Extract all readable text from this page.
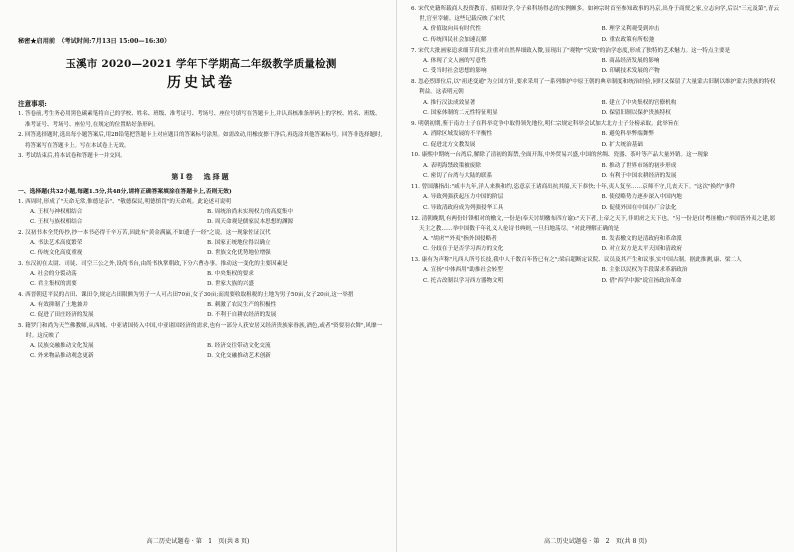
秘密★启用前　（考试时间:7月13日 15:00—16:30）
玉溪市 2020—2021 学年下学期高二年级教学质量检测
历史试卷
注意事项:
1. 答卷前,考生务必用黑色碳素笔将自己的学校、姓名、班级、准考证号、考场号、座位号填写在答题卡上,并认真核准条形码上的学校、姓名、班级、准考证号、考场号、座位号,在规定的位置贴好条形码。
2. 回答选择题时,选出每小题答案后,用2B铅笔把答题卡上对应题目的答案标号涂黑。如需改动,用橡皮擦干净后,再选涂其他答案标号。回答非选择题时,将答案写在答题卡上。写在本试卷上无效。
3. 考试结束后,将本试卷和答题卡一并交回。
第Ⅰ卷　选择题
一、选择题(共32小题,每题1.5分,共48分,请将正确答案填涂在答题卡上,否则无效)
1. 西周时,形成了"天命无常,惟德是亲"、"敬德保民,明德慎罚"的天命观。此论述可说明
A. 王权与神权相结合	B. 周统治尚未实现权力的高度集中
C. 王权与族权相结合	D. 周天命观是儒家民本思想的渊源
2. 汉初书本全凭传抄,抄一本书必得千辛万苦,因此有"黄金满赢,不如遗子一经"之说。这一现象佐证汉代
A. 书法艺术高度繁荣	B. 国家正统地位得以确立
C. 传统文化高度重视	D. 世族文化优势地位增强
3. 东汉初在太尉、司徒、司空三公之外,设尚书台,由尚书执掌朝政,下分六曹办事。推动这一变化的主要因素是
A. 社会的分裂动荡	B. 中央集权的要求
C. 君主集权的需要	D. 世家大族的兴盛
4. 西晋朝廷平民的占田、课田令,规定占田限额为男子一人可占田70亩,女子30亩;而需要收取租税的土地为男子50亩,女子20亩,这一举措
A. 有效抑制了土地兼并	B. 刺激了农民生产的积极性
C. 促进了田庄经济的发展	D. 不利于自耕农经济的发展
5. 籍罗门和尚为天竺佛教师,从西域、中亚诸国传入中国,中亚诸国经济的需求,也有一部分人获安居又经济贵族家眷族,酒色,或者"资要羽衣舞",风靡一时。这反映了
A. 民族交融推动文化发展	B. 经济交往带动文化交流
C. 外来物品推动观念更新	D. 文化交融推动艺术创新
高二历史试题卷 · 第　1　页(共 8 页)
6. 宋代史籍所载商人投资教育、招师设学,令子弟科场得志的实例颇多。如神宗时首至参知政事的冯京,出身于商贾之家,立志向学,后以"三元及第",青云世,官至宰辅。这些记载反映了宋代
A. 价值取向具有时代性	B. 理学义利观受到冲击
C. 传统四民社会加速瓦解	D. 重农政策有所松弛
7. 宋代大批画家追求细节真实,注重对自然界细致入微,显现出了"观物""究致"的治学态度,形成了独特的艺术魅力。这一特点主要是
A. 体现了文人画的写意性	B. 商品经济发展的影响
C. 受当时社会思想的影响	D. 印刷技术发展的产物
8. 忽必烈即位后,以"祖述变通"为立国方针,要求采用了一系列维护中原王朝的典章制度和统治经验,同时又保留了大量蒙古旧制以维护蒙古贵族的特权利益。这表明元朝
A. 推行汉法成效显著	B. 建立了中央集权的官僚机构
C. 国家体制的二元性特征明显	D. 保留旧制以保护贵族特权
9. 明朝初期,鉴于南方士子在科举竞争中取得领先地位,明仁宗规定科举会试加大北方士子分榜录取。此举旨在
A. 消除区域发展的不平衡性	B. 避免科举弊端舞弊
C. 促进北方文教发展	D. 扩大统治基础
10. 康熙中期统一台湾后,解除了清初的海禁,全面开海,中外贸易兴盛,中国的丝绸、瓷器、茶叶等产品大量外销。这一现象
A. 表明海禁政策被废除	B. 推动了世界市场的初步形成
C. 密切了台湾与大陆的联系	D. 有利于中国农耕经济的发展
11. 曾国藩指出:"咸丰九年,洋人来换和约,恣意京王诸商出抗其船,天下恭快;十年,夷人复至……京师不守,几丧天下。"这次"换约"事件
A. 导致列强获起压力中国的阶层	B. 使侵略势力逐步深入中国内地
C. 导致清政府成为列强侵华工具	D. 促使外国在中国办厂合法化
12. 清朝晚期,有两份针锋相对的檄文,一份是(奉天讨胡檄布四方谕):"天下者,上帝之天下,非胡虏之天下也。"另一份是(讨粤匪檄):"举国皆外夷之建,愿天主之教……举中国数千年礼义人伦诗书典则,一旦扫地荡尽。"对此理解正确的是
A. "胡虏""外夷"指外国侵略者	B. 发表檄文的是清政府和革命派
C. 分歧在于是否学习西方的文化	D. 对立双方是太平天国和清政府
13. 康有为声称"凡西人所号长技,我中人千数百年皆已有之";梁启超断定议院、议员及其产生和议事,实中国古制。据此推测,康、梁二人
A. 宣扬"中体西用"助推社会转型	B. 主张以民权为手段谋求革新政治
C. 托古改制以学习西方器物文明	D. 借"西学中源"说宣扬政治革命
高二历史试题卷 · 第　2　页(共 8 页)
